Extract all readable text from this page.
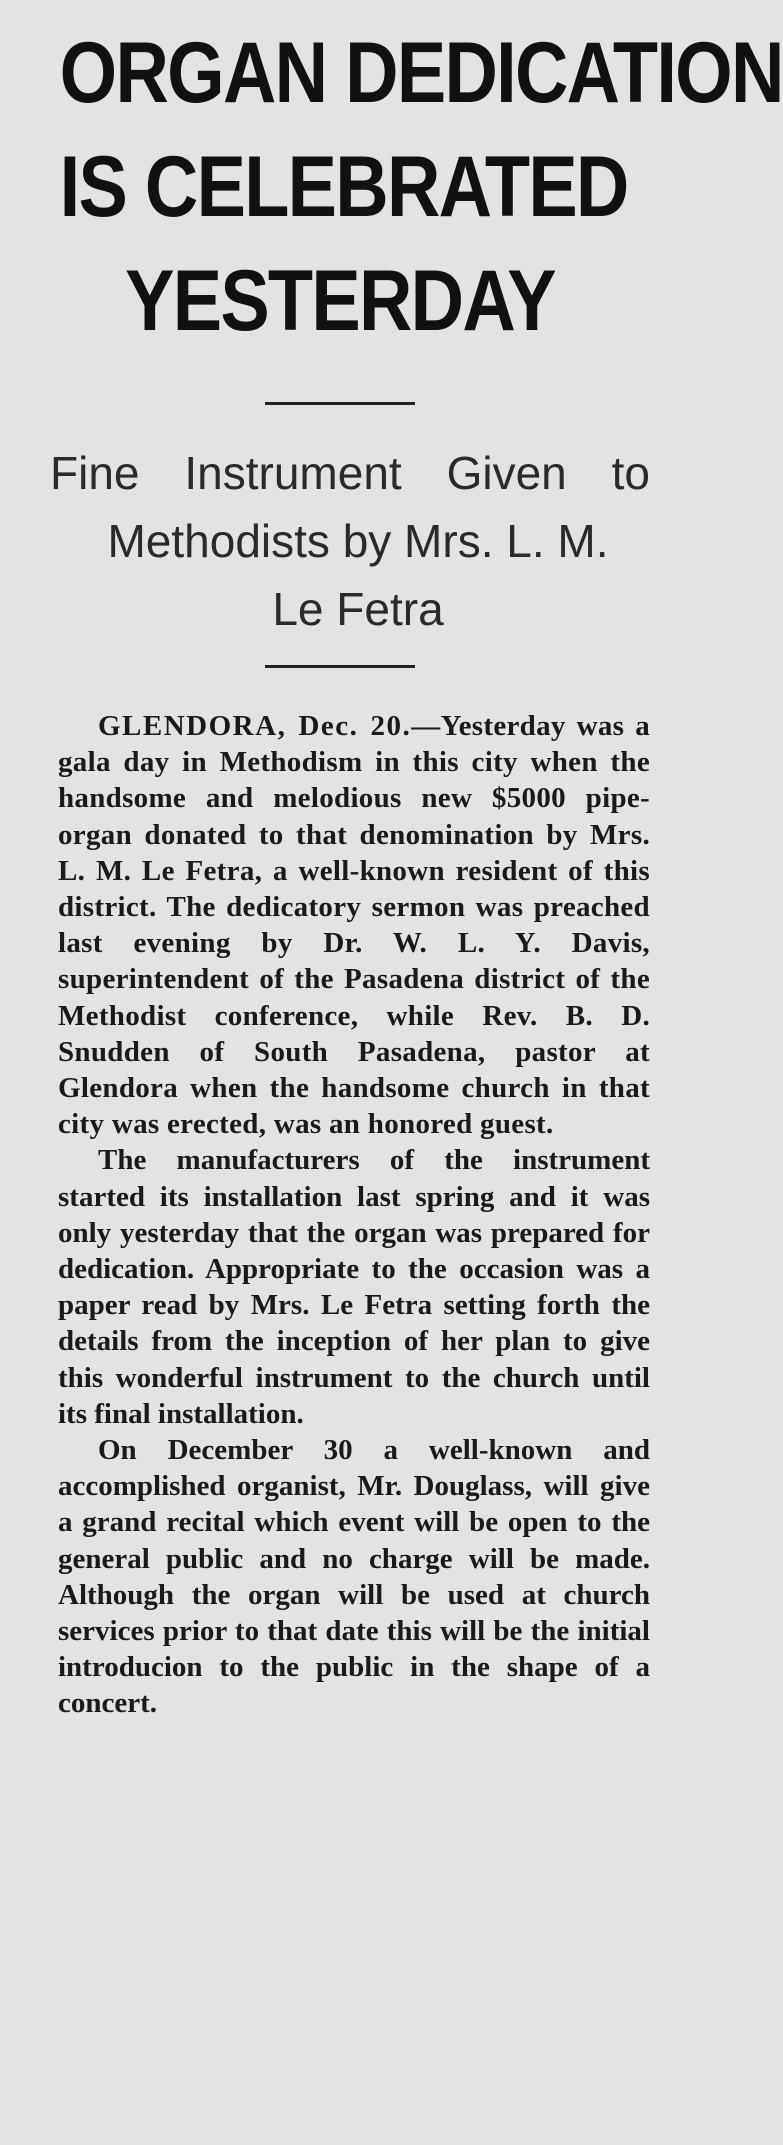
ORGAN DEDICATION
IS CELEBRATED
YESTERDAY
Fine Instrument Given to
Methodists by Mrs. L. M.
Le Fetra

GLENDORA, Dec. 20.—Yesterday was a gala day in Methodism in this city when the handsome and melodious new $5000 pipe-organ donated to that denomination by Mrs. L. M. Le Fetra, a well-known resident of this district. The dedicatory sermon was preached last evening by Dr. W. L. Y. Davis, superintendent of the Pasadena district of the Methodist conference, while Rev. B. D. Snudden of South Pasadena, pastor at Glendora when the handsome church in that city was erected, was an honored guest.

The manufacturers of the instrument started its installation last spring and it was only yesterday that the organ was prepared for dedication. Appropriate to the occasion was a paper read by Mrs. Le Fetra setting forth the details from the inception of her plan to give this wonderful instrument to the church until its final installation.

On December 30 a well-known and accomplished organist, Mr. Douglass, will give a grand recital which event will be open to the general public and no charge will be made. Although the organ will be used at church services prior to that date this will be the initial introducion to the public in the shape of a concert.
